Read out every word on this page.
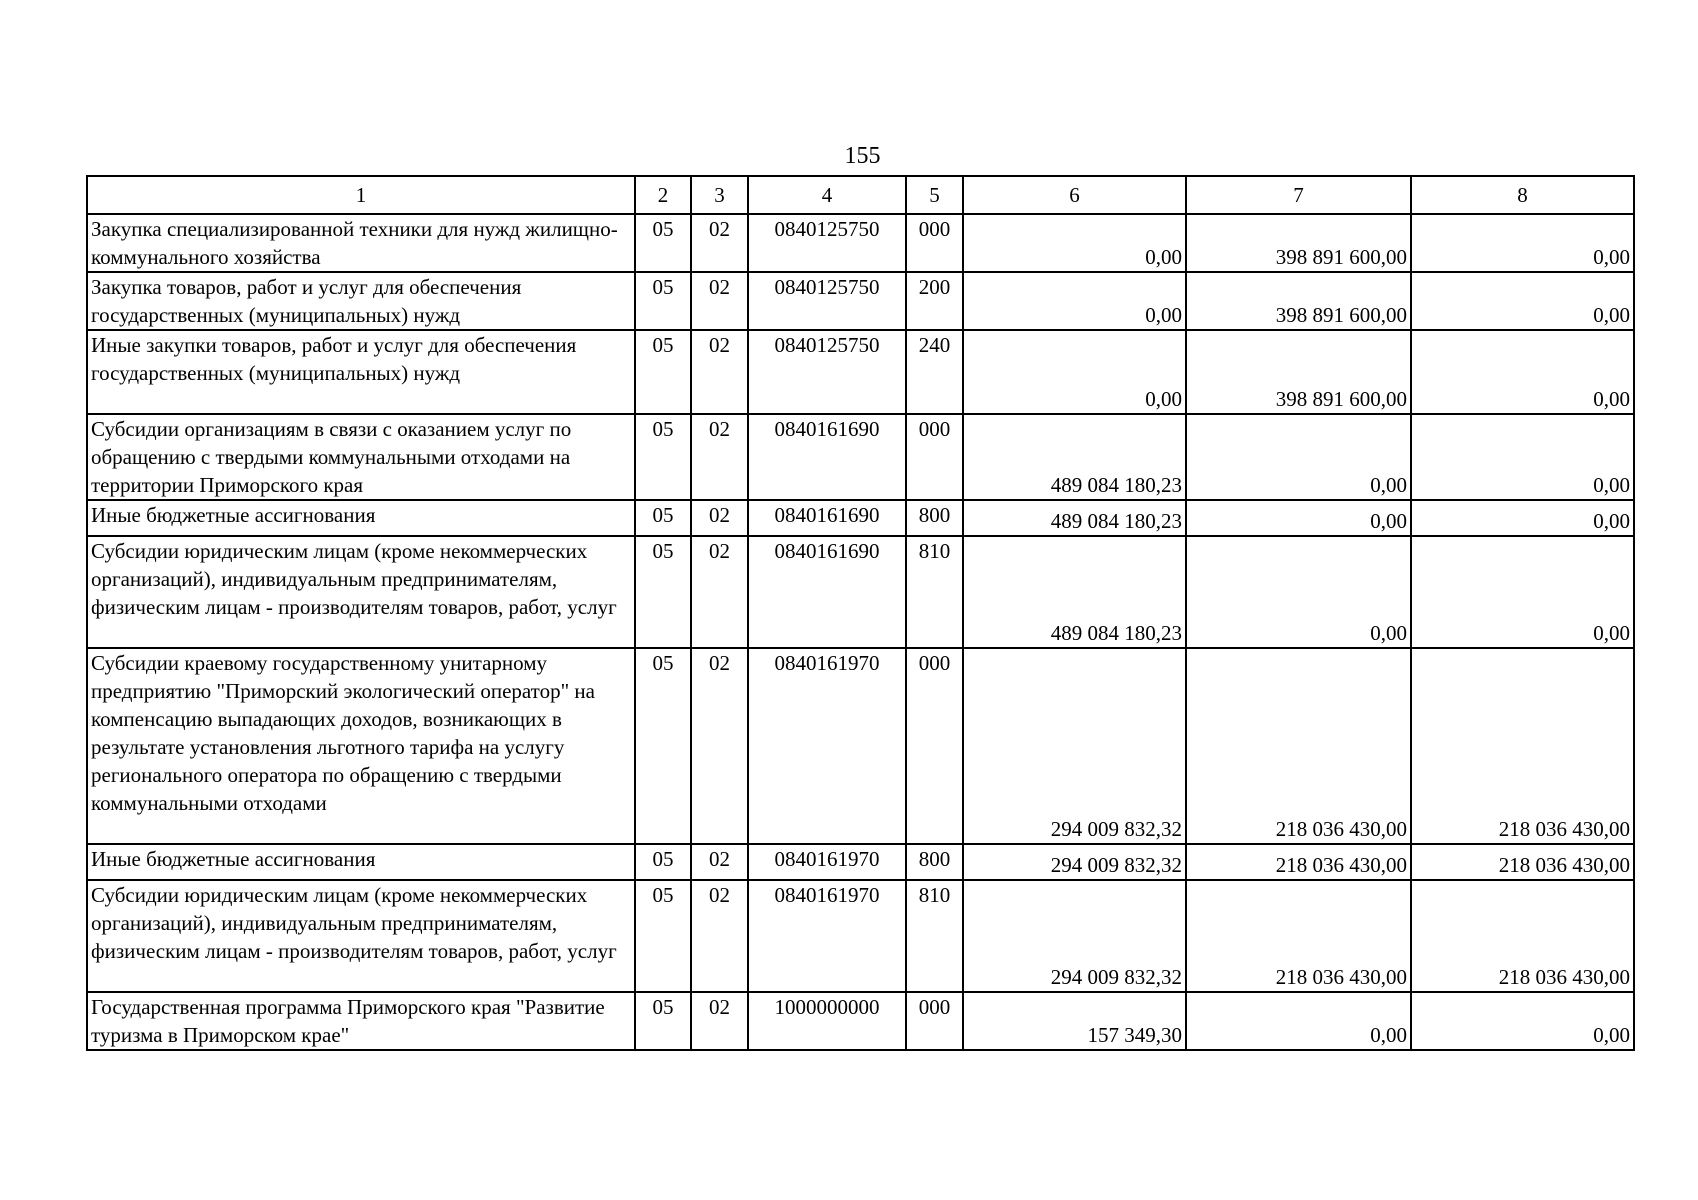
155
1	2	3	4	5	6	7	8
Закупка специализированной техники для нужд жилищно-коммунального хозяйства	05	02	0840125750	000	0,00	398 891 600,00	0,00
Закупка товаров, работ и услуг для обеспечения государственных (муниципальных) нужд	05	02	0840125750	200	0,00	398 891 600,00	0,00
Иные закупки товаров, работ и услуг для обеспечения государственных (муниципальных) нужд	05	02	0840125750	240	0,00	398 891 600,00	0,00
Субсидии организациям в связи с оказанием услуг по обращению с твердыми коммунальными отходами на территории Приморского края	05	02	0840161690	000	489 084 180,23	0,00	0,00
Иные бюджетные ассигнования	05	02	0840161690	800	489 084 180,23	0,00	0,00
Субсидии юридическим лицам (кроме некоммерческих организаций), индивидуальным предпринимателям, физическим лицам - производителям товаров, работ, услуг	05	02	0840161690	810	489 084 180,23	0,00	0,00
Субсидии краевому государственному унитарному предприятию "Приморский экологический оператор" на компенсацию выпадающих доходов, возникающих в результате установления льготного тарифа на услугу регионального оператора по обращению с твердыми коммунальными отходами	05	02	0840161970	000	294 009 832,32	218 036 430,00	218 036 430,00
Иные бюджетные ассигнования	05	02	0840161970	800	294 009 832,32	218 036 430,00	218 036 430,00
Субсидии юридическим лицам (кроме некоммерческих организаций), индивидуальным предпринимателям, физическим лицам - производителям товаров, работ, услуг	05	02	0840161970	810	294 009 832,32	218 036 430,00	218 036 430,00
Государственная программа Приморского края "Развитие туризма в Приморском крае"	05	02	1000000000	000	157 349,30	0,00	0,00
